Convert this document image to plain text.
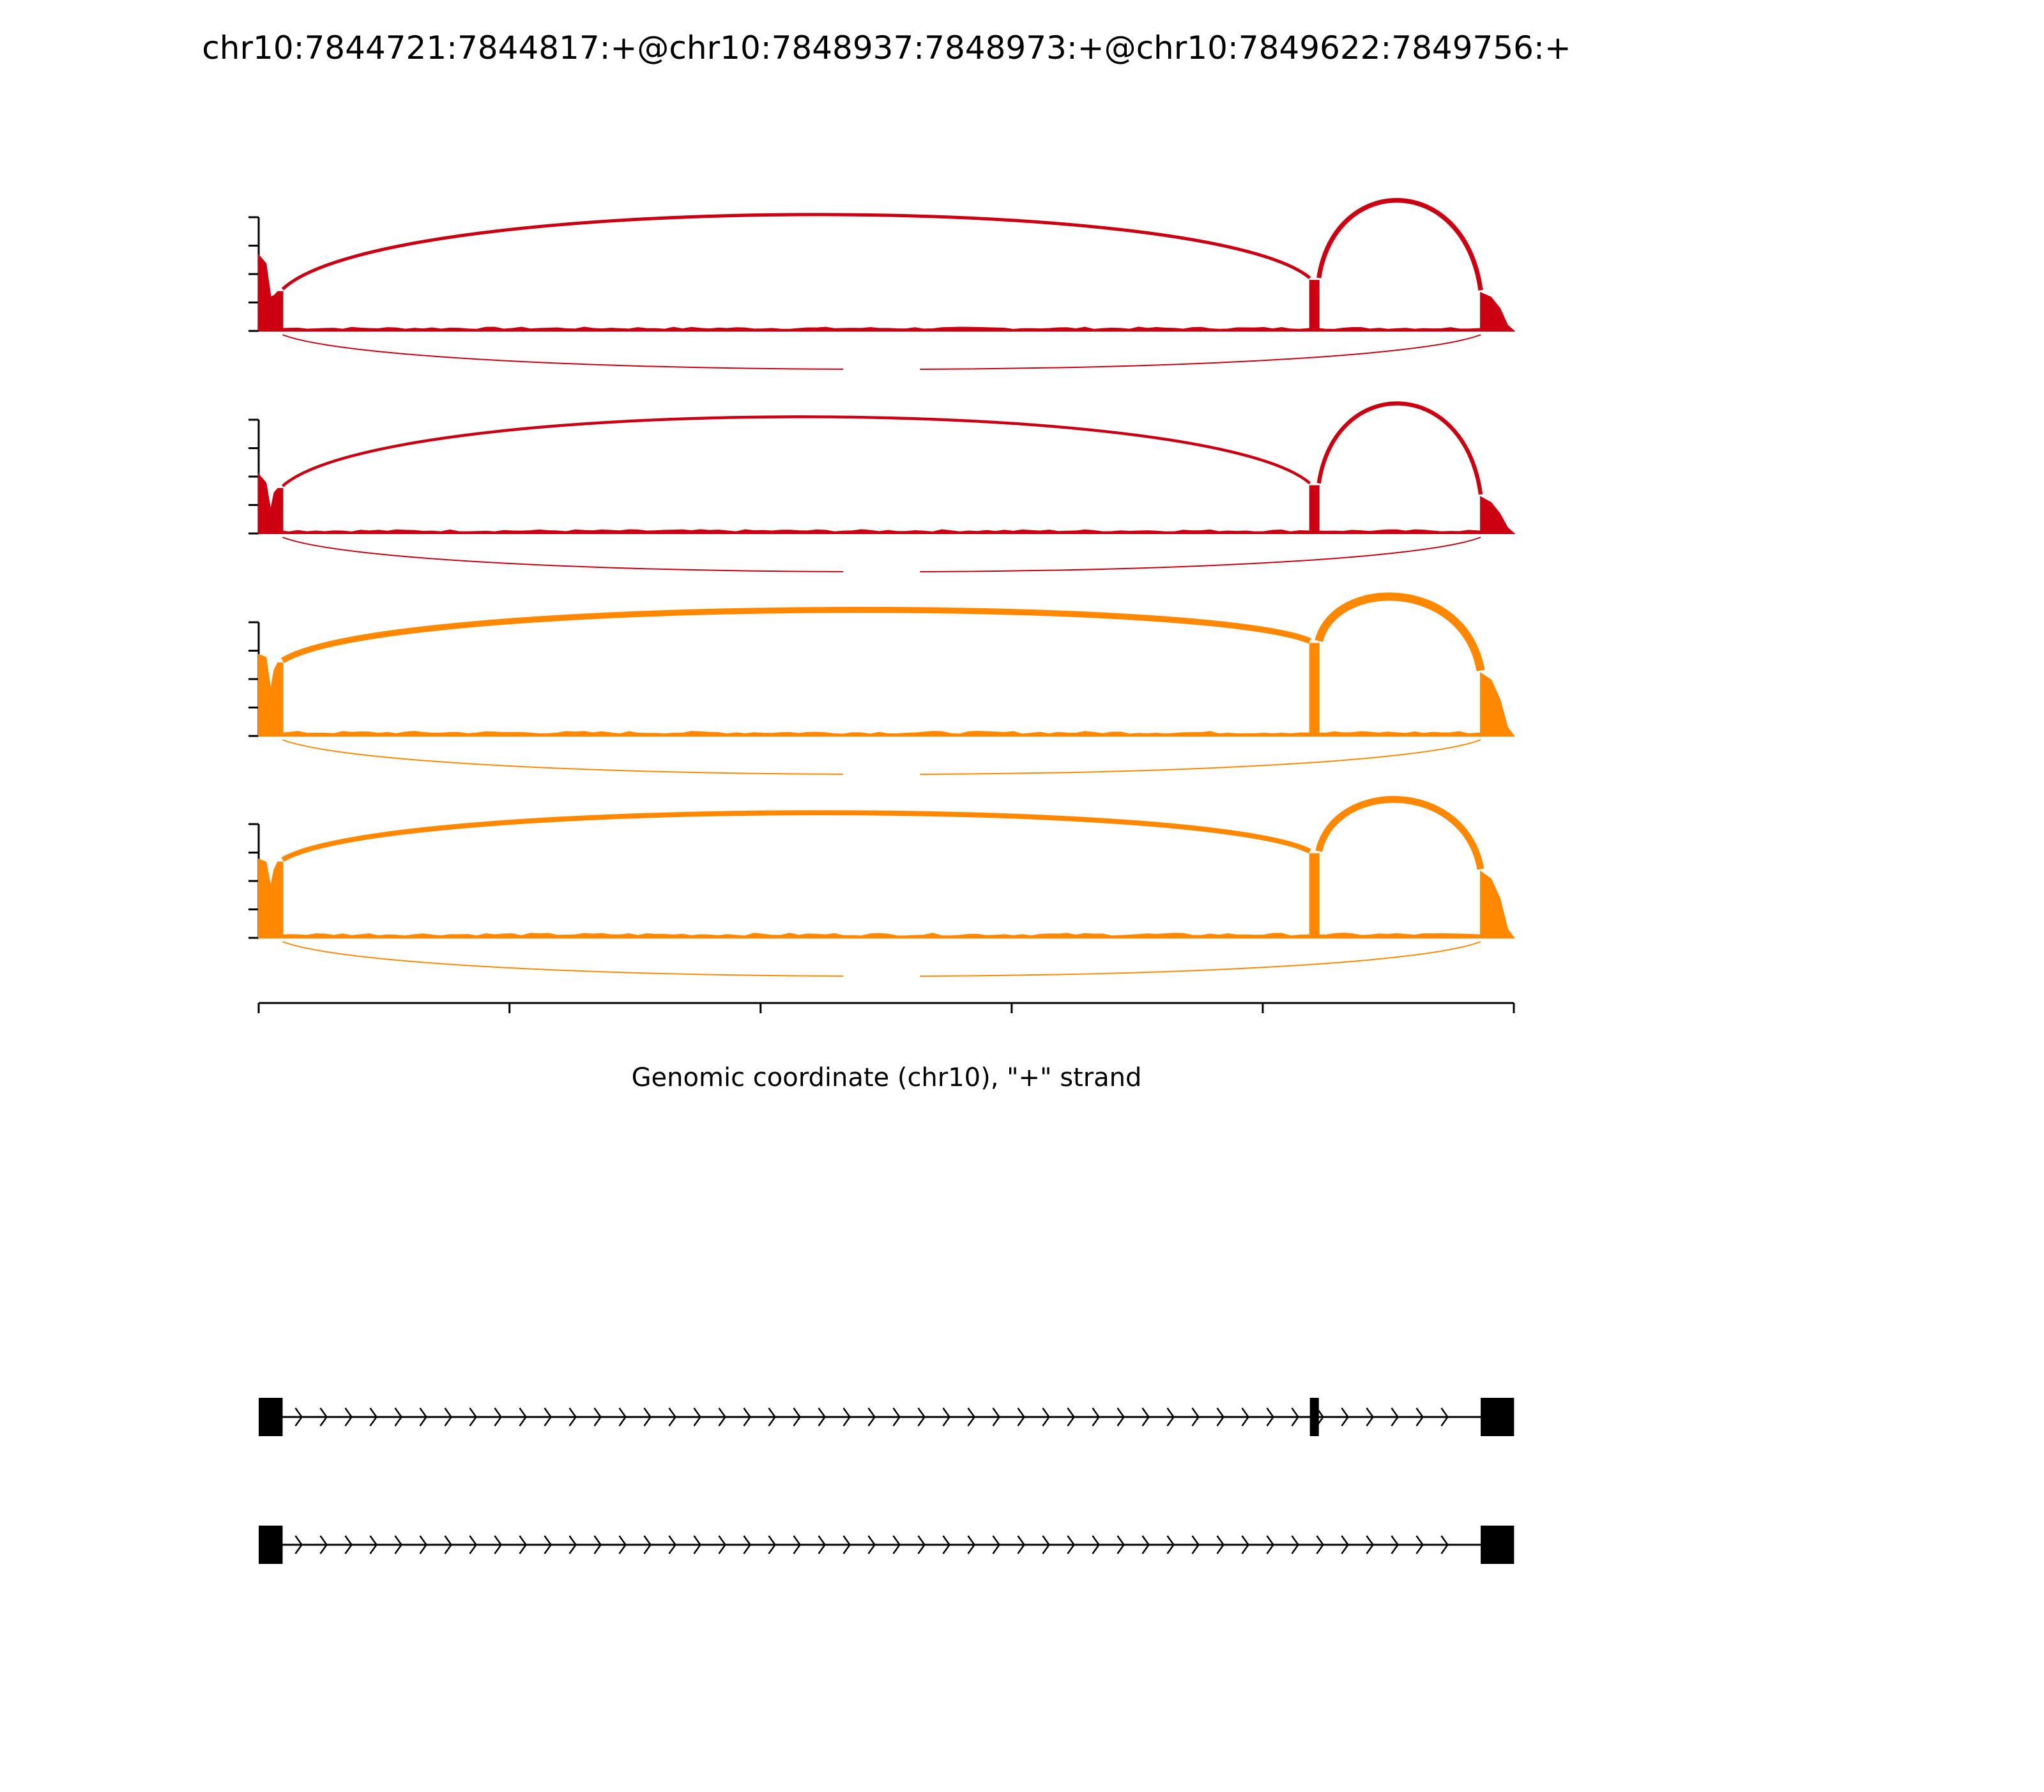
chr10:7844721:7844817:+@chr10:7848937:7848973:+@chr10:7849622:7849756:+
Genomic coordinate (chr10), "+" strand
